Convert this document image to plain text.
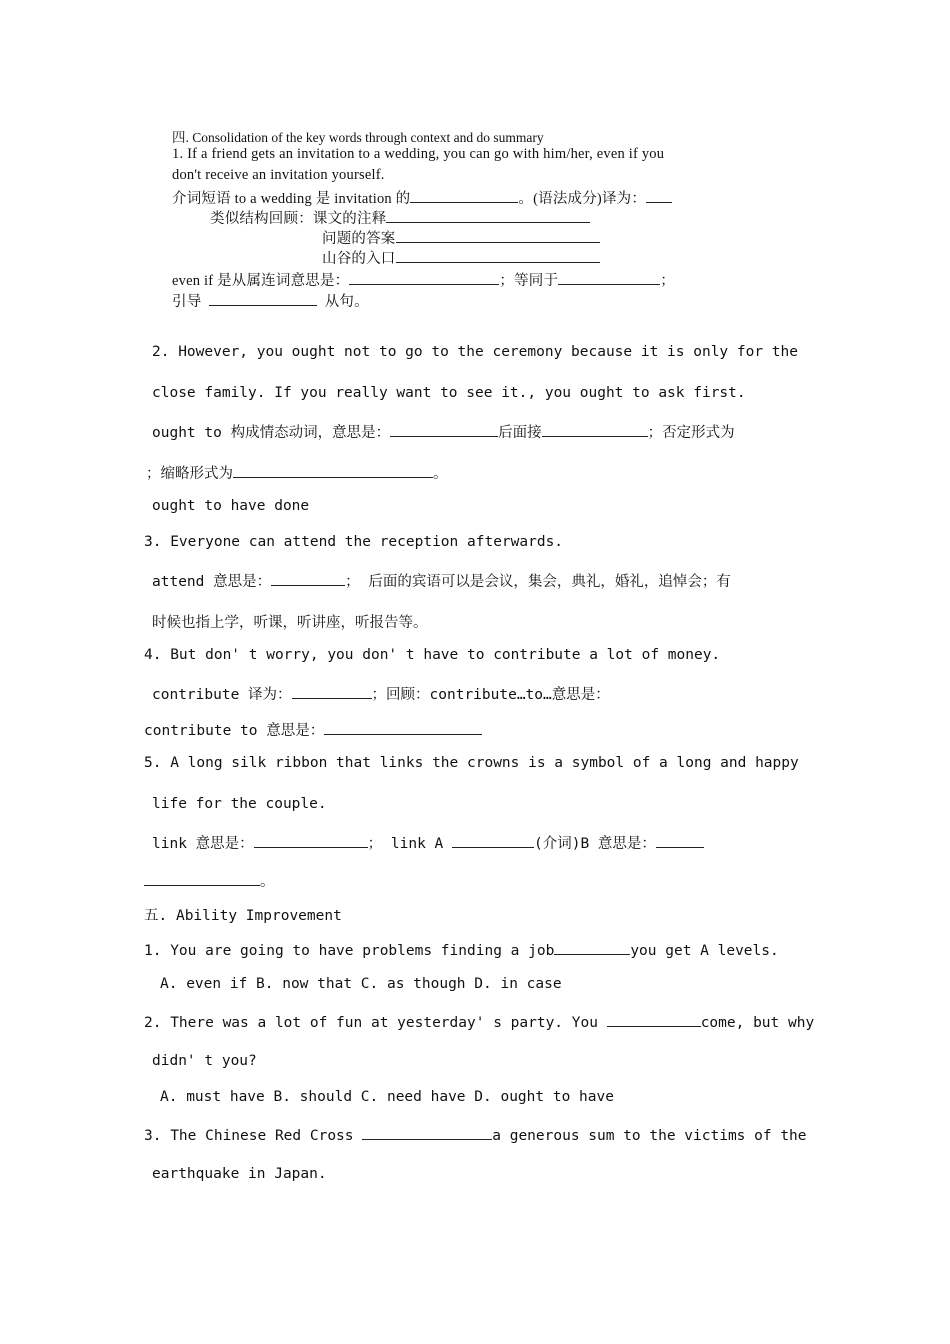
四. Consolidation of the key words through context and do summary
1. If a friend gets an invitation to a wedding, you can go with him/her, even if you
don't receive an invitation yourself.
介词短语 to a wedding 是 invitation 的	。(语法成分)译为：
类似结构回顾：课文的注释
问题的答案
山谷的入口
even if 是从属连词意思是：	；等同于	；
引导	从句。
2. However, you ought not to go to the ceremony because it is only for the
close family. If you really want to see it., you ought to ask first.
ought to 构成情态动词，意思是：	后面接	；否定形式为
；缩略形式为	。
ought to have done
3. Everyone can attend the reception afterwards.
attend 意思是：	； 后面的宾语可以是会议，集会，典礼，婚礼，追悼会；有
时候也指上学，听课，听讲座，听报告等。
4. But don' t worry, you don' t have to contribute a lot of money.
contribute 译为：	；回顾：contribute…to…意思是：
contribute to 意思是：
5. A long silk ribbon that links the crowns is a symbol of a long and happy
life for the couple.
link 意思是：	； link A	(介词)B 意思是：
。
五. Ability Improvement
1. You are going to have problems finding a job	you get A levels.
A. even if B. now that C. as though D. in case
2. There was a lot of fun at yesterday' s party. You	come, but why
didn' t you?
A. must have B. should C. need have D. ought to have
3. The Chinese Red Cross	a generous sum to the victims of the
earthquake in Japan.
